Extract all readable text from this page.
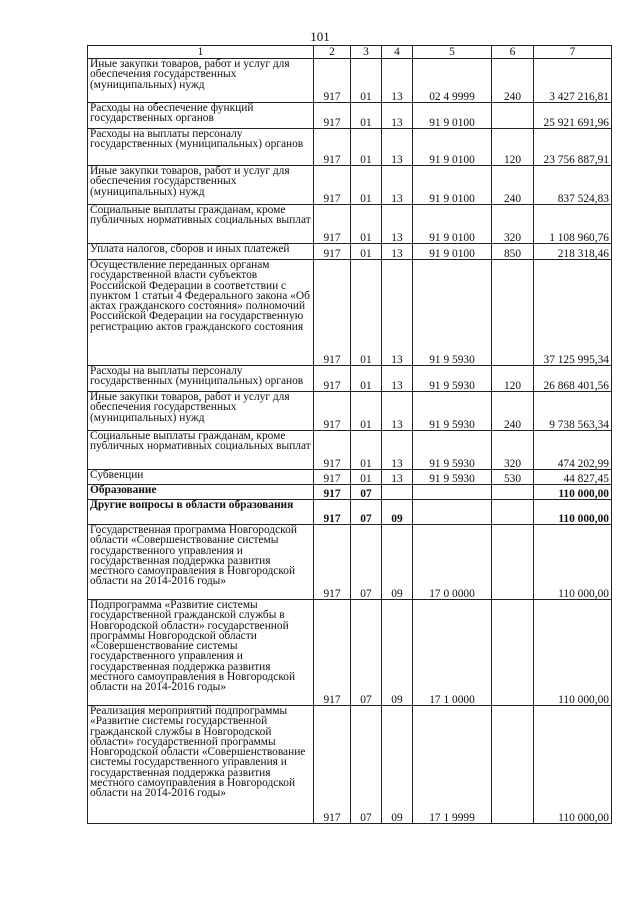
101
1	2	3	4	5	6	7
Иные закупки товаров, работ и услуг для обеспечения государственных (муниципальных) нужд	917	01	13	02 4 9999	240	3 427 216,81
Расходы на обеспечение функций государственных органов	917	01	13	91 9 0100		25 921 691,96
Расходы на выплаты персоналу государственных (муниципальных) органов	917	01	13	91 9 0100	120	23 756 887,91
Иные закупки товаров, работ и услуг для обеспечения государственных (муниципальных) нужд	917	01	13	91 9 0100	240	837 524,83
Социальные выплаты гражданам, кроме публичных нормативных социальных выплат	917	01	13	91 9 0100	320	1 108 960,76
Уплата налогов, сборов и иных платежей	917	01	13	91 9 0100	850	218 318,46
Осуществление переданных органам государственной власти субъектов Российской Федерации в соответствии с пунктом 1 статьи 4 Федерального закона «Об актах гражданского состояния» полномочий Российской Федерации на государственную регистрацию актов гражданского состояния	917	01	13	91 9 5930		37 125 995,34
Расходы на выплаты персоналу государственных (муниципальных) органов	917	01	13	91 9 5930	120	26 868 401,56
Иные закупки товаров, работ и услуг для обеспечения государственных (муниципальных) нужд	917	01	13	91 9 5930	240	9 738 563,34
Социальные выплаты гражданам, кроме публичных нормативных социальных выплат	917	01	13	91 9 5930	320	474 202,99
Субвенции	917	01	13	91 9 5930	530	44 827,45
Образование	917	07				110 000,00
Другие вопросы в области образования	917	07	09			110 000,00
Государственная программа Новгородской области «Совершенствование системы государственного управления и государственная поддержка развития местного самоуправления в Новгородской области на 2014-2016 годы»	917	07	09	17 0 0000		110 000,00
Подпрограмма «Развитие системы государственной гражданской службы в Новгородской области» государственной программы Новгородской области «Совершенствование системы государственного управления и государственная поддержка развития местного самоуправления в Новгородской области на 2014-2016 годы»	917	07	09	17 1 0000		110 000,00
Реализация мероприятий подпрограммы «Развитие системы государственной гражданской службы в Новгородской области» государственной программы Новгородской области «Совершенствование системы государственного управления и государственная поддержка развития местного самоуправления в Новгородской области на 2014-2016 годы»	917	07	09	17 1 9999		110 000,00
